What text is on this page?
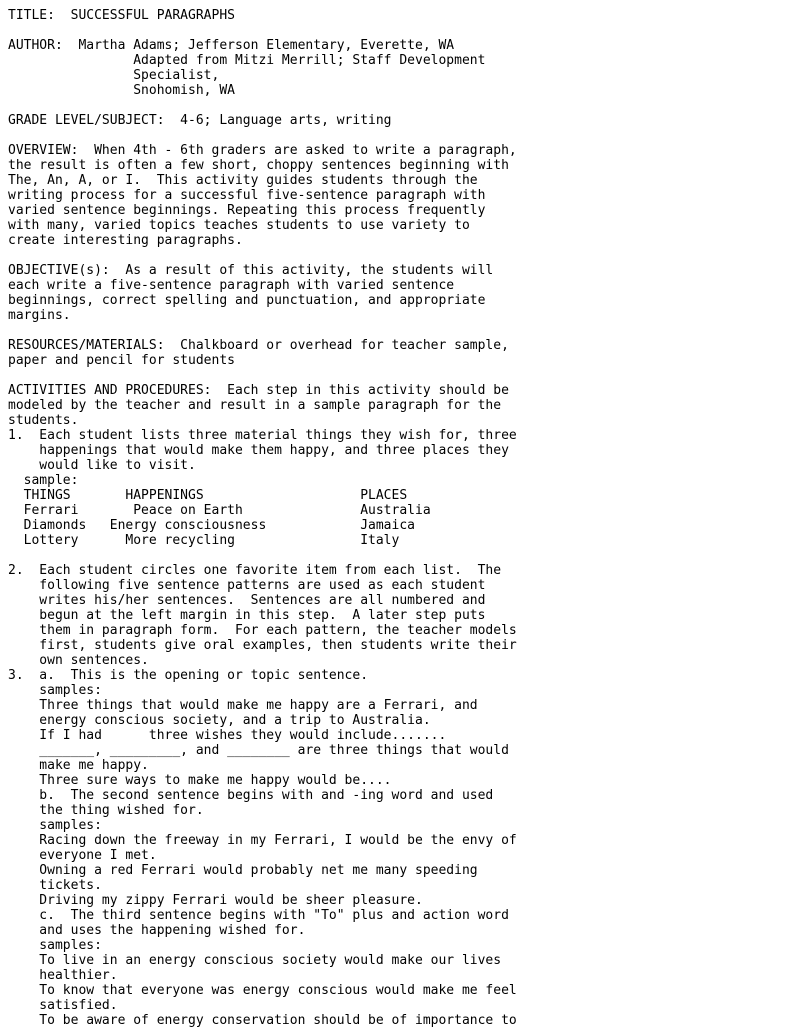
TITLE:  SUCCESSFUL PARAGRAPHS

AUTHOR:  Martha Adams; Jefferson Elementary, Everette, WA
Adapted from Mitzi Merrill; Staff Development
Specialist,
Snohomish, WA

GRADE LEVEL/SUBJECT:  4-6; Language arts, writing

OVERVIEW:  When 4th - 6th graders are asked to write a paragraph,
the result is often a few short, choppy sentences beginning with
The, An, A, or I.  This activity guides students through the
writing process for a successful five-sentence paragraph with
varied sentence beginnings. Repeating this process frequently
with many, varied topics teaches students to use variety to
create interesting paragraphs.

OBJECTIVE(s):  As a result of this activity, the students will
each write a five-sentence paragraph with varied sentence
beginnings, correct spelling and punctuation, and appropriate
margins.

RESOURCES/MATERIALS:  Chalkboard or overhead for teacher sample,
paper and pencil for students

ACTIVITIES AND PROCEDURES:  Each step in this activity should be
modeled by the teacher and result in a sample paragraph for the
students.
1.  Each student lists three material things they wish for, three
happenings that would make them happy, and three places they
would like to visit.
sample:
THINGS       HAPPENINGS                    PLACES
Ferrari       Peace on Earth               Australia
Diamonds   Energy consciousness            Jamaica
Lottery      More recycling                Italy

2.  Each student circles one favorite item from each list.  The
following five sentence patterns are used as each student
writes his/her sentences.  Sentences are all numbered and
begun at the left margin in this step.  A later step puts
them in paragraph form.  For each pattern, the teacher models
first, students give oral examples, then students write their
own sentences.
3.  a.  This is the opening or topic sentence.
samples:
Three things that would make me happy are a Ferrari, and
energy conscious society, and a trip to Australia.
If I had      three wishes they would include.......
_______, _________, and ________ are three things that would
make me happy.
Three sure ways to make me happy would be....
b.  The second sentence begins with and -ing word and used
the thing wished for.
samples:
Racing down the freeway in my Ferrari, I would be the envy of
everyone I met.
Owning a red Ferrari would probably net me many speeding
tickets.
Driving my zippy Ferrari would be sheer pleasure.
c.  The third sentence begins with "To" plus and action word
and uses the happening wished for.
samples:
To live in an energy conscious society would make our lives
healthier.
To know that everyone was energy conscious would make me feel
satisfied.
To be aware of energy conservation should be of importance to
